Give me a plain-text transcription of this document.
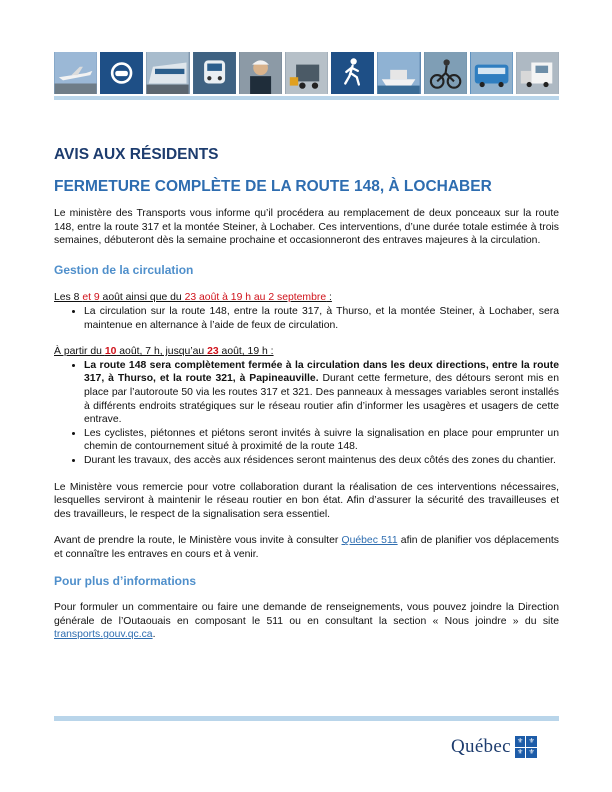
AVIS AUX RÉSIDENTS
FERMETURE COMPLÈTE DE LA ROUTE 148, À LOCHABER

Le ministère des Transports vous informe qu’il procédera au remplacement de deux ponceaux sur la route 148, entre la route 317 et la montée Steiner, à Lochaber. Ces interventions, d’une durée totale estimée à trois semaines, débuteront dès la semaine prochaine et occasionneront des entraves majeures à la circulation.

Gestion de la circulation

Les 8 et 9 août ainsi que du 23 août à 19 h au 2 septembre :

• La circulation sur la route 148, entre la route 317, à Thurso, et la montée Steiner, à Lochaber, sera maintenue en alternance à l’aide de feux de circulation.

À partir du 10 août, 7 h, jusqu’au 23 août, 19 h :

• La route 148 sera complètement fermée à la circulation dans les deux directions, entre la route 317, à Thurso, et la route 321, à Papineauville. Durant cette fermeture, des détours seront mis en place par l’autoroute 50 via les routes 317 et 321. Des panneaux à messages variables seront installés à différents endroits stratégiques sur le réseau routier afin d’informer les usagères et usagers de cette entrave.
• Les cyclistes, piétonnes et piétons seront invités à suivre la signalisation en place pour emprunter un chemin de contournement situé à proximité de la route 148.
• Durant les travaux, des accès aux résidences seront maintenus des deux côtés des zones du chantier.

Le Ministère vous remercie pour votre collaboration durant la réalisation de ces interventions nécessaires, lesquelles serviront à maintenir le réseau routier en bon état. Afin d’assurer la sécurité des travailleuses et des travailleurs, le respect de la signalisation sera essentiel.

Avant de prendre la route, le Ministère vous invite à consulter Québec 511 afin de planifier vos déplacements et connaître les entraves en cours et à venir.

Pour plus d’informations

Pour formuler un commentaire ou faire une demande de renseignements, vous pouvez joindre la Direction générale de l’Outaouais en composant le 511 ou en consultant la section « Nous joindre » du site transports.gouv.qc.ca.

Québec ⚜ ⚜
⚜ ⚜
